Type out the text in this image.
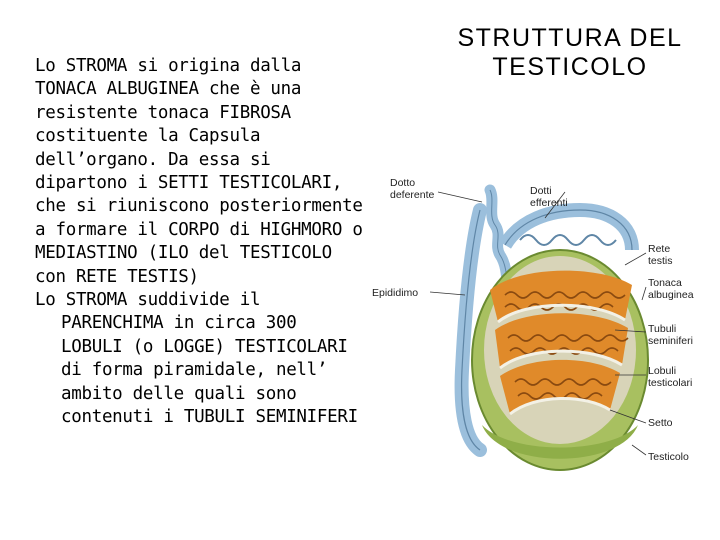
Lo STROMA si origina dalla TONACA ALBUGINEA che è una resistente tonaca FIBROSA costituente la Capsula dell’organo. Da essa si dipartono i SETTI TESTICOLARI, che si riuniscono posteriormente a formare il CORPO di HIGHMORO o MEDIASTINO (ILO del TESTICOLO con RETE TESTIS)

Lo STROMA suddivide il PARENCHIMA in circa 300 LOBULI (o LOGGE) TESTICOLARI di forma piramidale, nell’ ambito delle quali sono contenuti i TUBULI SEMINIFERI

STRUTTURA DEL TESTICOLO
Dotto deferente	Dotti efferenti
Rete testis
Tonaca albuginea
Epididimo
Tubuli seminiferi
Lobuli testicolari
Setto
Testicolo
